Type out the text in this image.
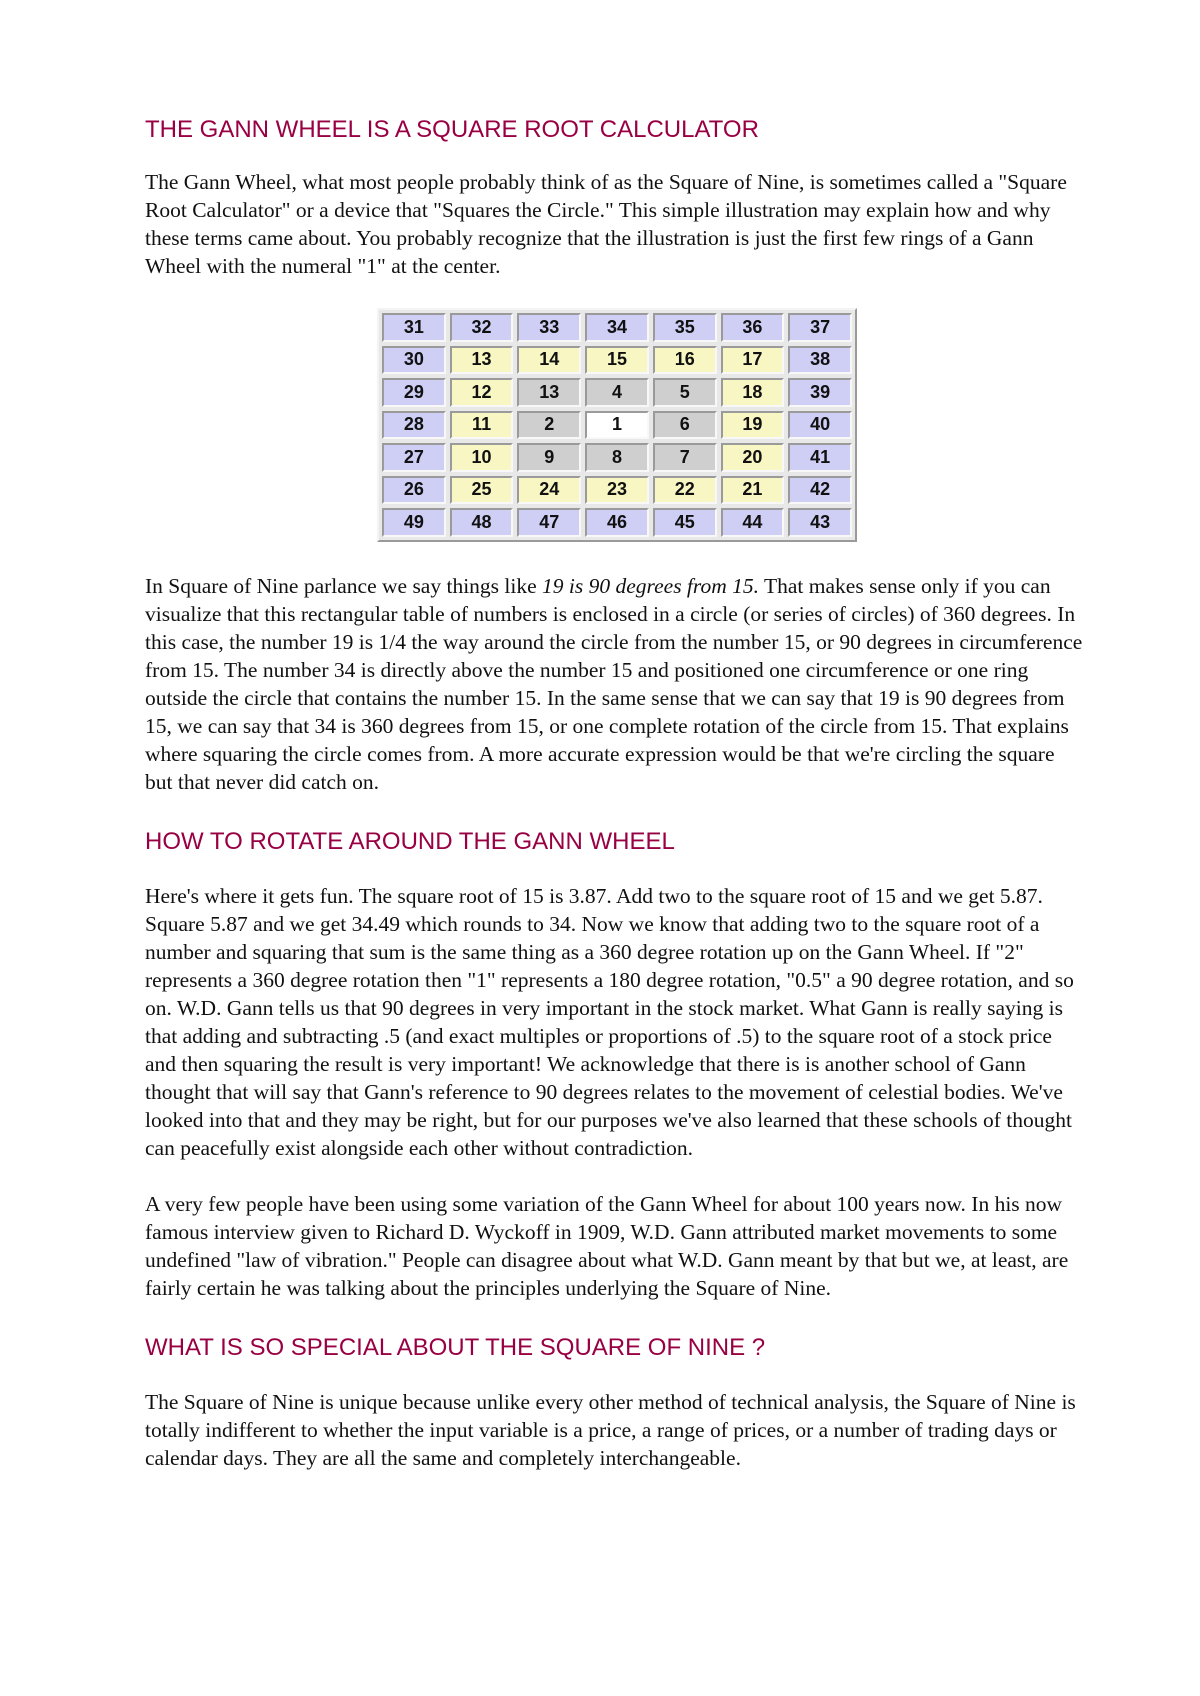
THE GANN WHEEL IS A SQUARE ROOT CALCULATOR

The Gann Wheel, what most people probably think of as the Square of Nine, is sometimes called a "Square Root Calculator" or a device that "Squares the Circle." This simple illustration may explain how and why these terms came about. You probably recognize that the illustration is just the first few rings of a Gann Wheel with the numeral "1" at the center.

31	32	33	34	35	36	37
30	13	14	15	16	17	38
29	12	13	4	5	18	39
28	11	2	1	6	19	40
27	10	9	8	7	20	41
26	25	24	23	22	21	42
49	48	47	46	45	44	43

In Square of Nine parlance we say things like 19 is 90 degrees from 15. That makes sense only if you can visualize that this rectangular table of numbers is enclosed in a circle (or series of circles) of 360 degrees. In this case, the number 19 is 1/4 the way around the circle from the number 15, or 90 degrees in circumference from 15. The number 34 is directly above the number 15 and positioned one circumference or one ring outside the circle that contains the number 15. In the same sense that we can say that 19 is 90 degrees from 15, we can say that 34 is 360 degrees from 15, or one complete rotation of the circle from 15. That explains where squaring the circle comes from. A more accurate expression would be that we're circling the square but that never did catch on.

HOW TO ROTATE AROUND THE GANN WHEEL

Here's where it gets fun. The square root of 15 is 3.87. Add two to the square root of 15 and we get 5.87. Square 5.87 and we get 34.49 which rounds to 34. Now we know that adding two to the square root of a number and squaring that sum is the same thing as a 360 degree rotation up on the Gann Wheel. If "2" represents a 360 degree rotation then "1" represents a 180 degree rotation, "0.5" a 90 degree rotation, and so on. W.D. Gann tells us that 90 degrees in very important in the stock market. What Gann is really saying is that adding and subtracting .5 (and exact multiples or proportions of .5) to the square root of a stock price and then squaring the result is very important! We acknowledge that there is is another school of Gann thought that will say that Gann's reference to 90 degrees relates to the movement of celestial bodies. We've looked into that and they may be right, but for our purposes we've also learned that these schools of thought can peacefully exist alongside each other without contradiction.

A very few people have been using some variation of the Gann Wheel for about 100 years now. In his now famous interview given to Richard D. Wyckoff in 1909, W.D. Gann attributed market movements to some undefined "law of vibration." People can disagree about what W.D. Gann meant by that but we, at least, are fairly certain he was talking about the principles underlying the Square of Nine.

WHAT IS SO SPECIAL ABOUT THE SQUARE OF NINE ?

The Square of Nine is unique because unlike every other method of technical analysis, the Square of Nine is totally indifferent to whether the input variable is a price, a range of prices, or a number of trading days or calendar days. They are all the same and completely interchangeable.
